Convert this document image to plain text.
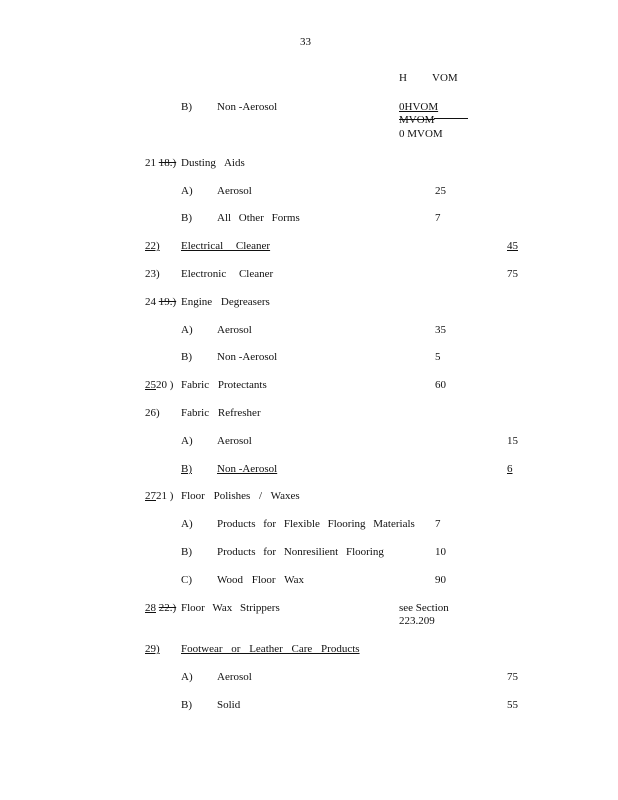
33
H VOM
B) Non -Aerosol	0HVOM
MVOM
0 MVOM
21 18.) Dusting Aids
A) Aerosol	25
B) All Other Forms	7
22) Electrical Cleaner	45
23) Electronic Cleaner	75
24 19.) Engine Degreasers
A) Aerosol	35
B) Non -Aerosol	5
2520 ) Fabric Protectants	60
26) Fabric Refresher
A) Aerosol	15
B) Non -Aerosol	6
2721 ) Floor Polishes / Waxes
A) Products for Flexible Flooring Materials 7
B) Products for Nonresilient Flooring	10
C) Wood Floor Wax	90
28 22.) Floor Wax Strippers	see Section
223.209
29) Footwear or Leather Care Products
A) Aerosol	75
B) Solid	55
